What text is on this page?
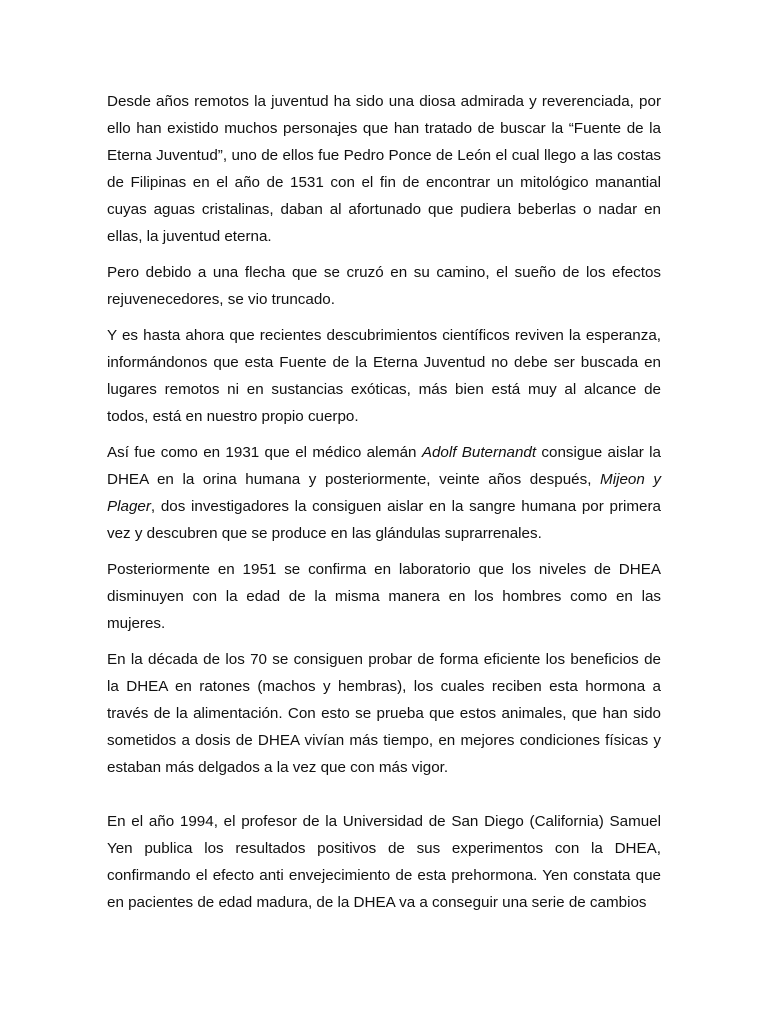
Desde años remotos la juventud ha sido una diosa admirada y reverenciada, por ello han existido muchos personajes que han tratado de buscar la “Fuente de la Eterna Juventud”, uno de ellos fue Pedro Ponce de León el cual llego a las costas de Filipinas en el año de 1531 con el fin de encontrar un mitológico manantial cuyas aguas cristalinas, daban al afortunado que pudiera beberlas o nadar en ellas, la juventud eterna.

Pero debido a una flecha que se cruzó en su camino, el sueño de los efectos rejuvenecedores, se vio truncado.

Y es hasta ahora que recientes descubrimientos científicos reviven la esperanza, informándonos que esta Fuente de la Eterna Juventud no debe ser buscada en lugares remotos ni en sustancias exóticas, más bien está muy al alcance de todos, está en nuestro propio cuerpo.

Así fue como en 1931 que el médico alemán Adolf Buternandt consigue aislar la DHEA en la orina humana y posteriormente, veinte años después, Mijeon y Plager, dos investigadores la consiguen aislar en la sangre humana por primera vez y descubren que se produce en las glándulas suprarrenales.

Posteriormente en 1951 se confirma en laboratorio que los niveles de DHEA disminuyen con la edad de la misma manera en los hombres como en las mujeres.

En la década de los 70 se consiguen probar de forma eficiente los beneficios de la DHEA en ratones (machos y hembras), los cuales reciben esta hormona a través de la alimentación. Con esto se prueba que estos animales, que han sido sometidos a dosis de DHEA vivían más tiempo, en mejores condiciones físicas y estaban más delgados a la vez que con más vigor.

En el año 1994, el profesor de la Universidad de San Diego (California) Samuel Yen publica los resultados positivos de sus experimentos con la DHEA, confirmando el efecto anti envejecimiento de esta prehormona. Yen constata que en pacientes de edad madura, de la DHEA va a conseguir una serie de cambios
